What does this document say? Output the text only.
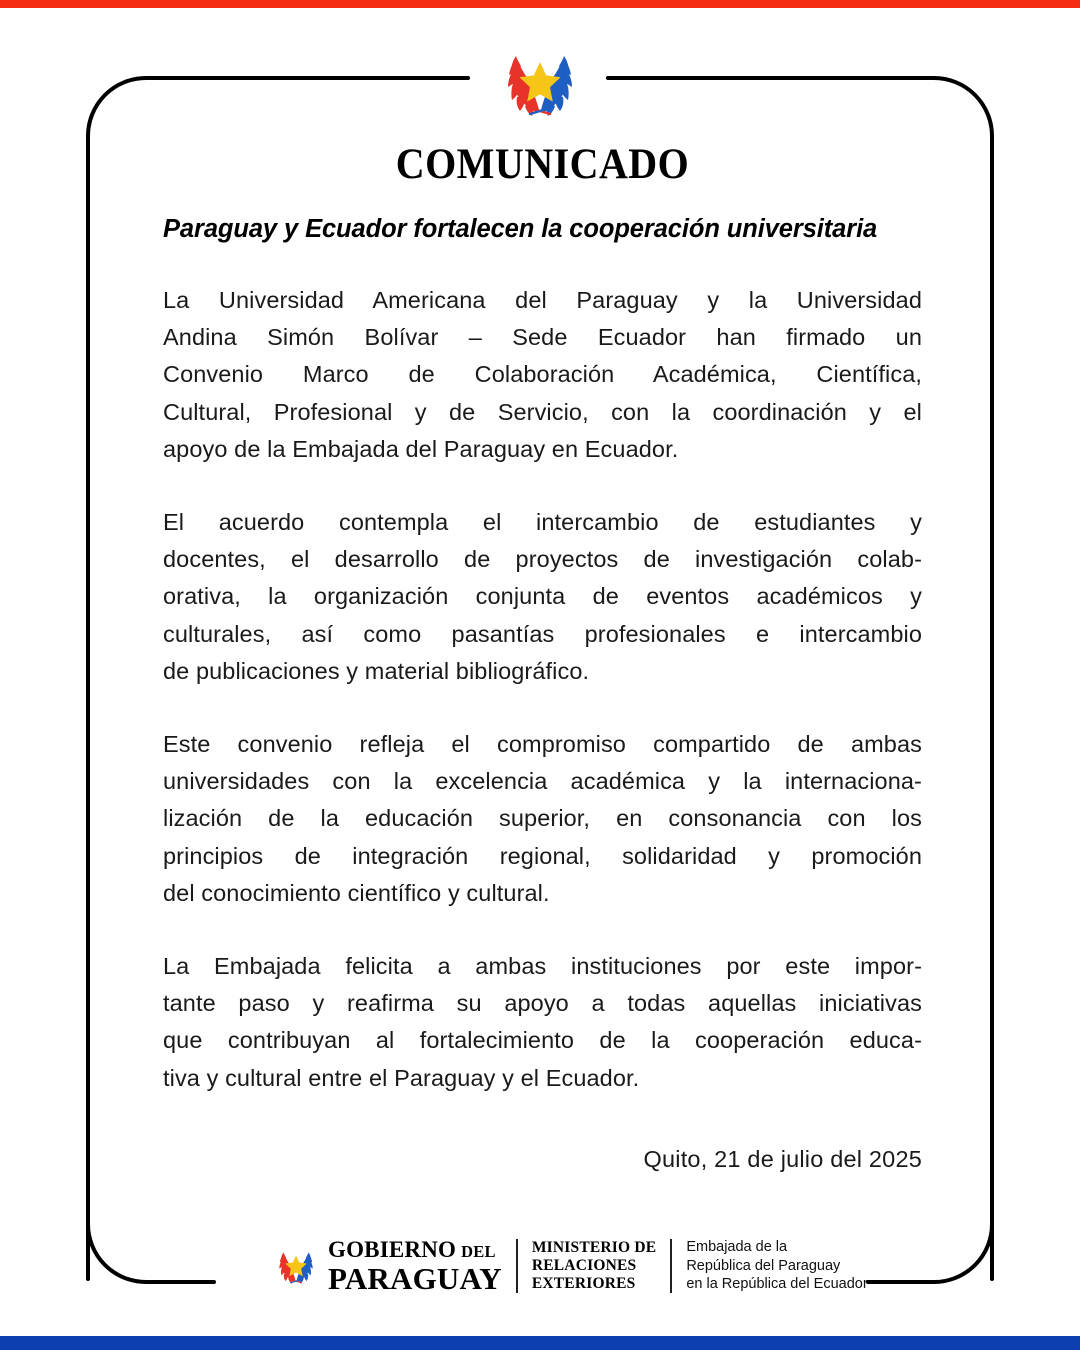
COMUNICADO
Paraguay y Ecuador fortalecen la cooperación universitaria

La Universidad Americana del Paraguay y la Universidad
Andina Simón Bolívar – Sede Ecuador han firmado un
Convenio Marco de Colaboración Académica, Científica,
Cultural, Profesional y de Servicio, con la coordinación y el
apoyo de la Embajada del Paraguay en Ecuador.

El acuerdo contempla el intercambio de estudiantes y
docentes, el desarrollo de proyectos de investigación colab-
orativa, la organización conjunta de eventos académicos y
culturales, así como pasantías profesionales e intercambio
de publicaciones y material bibliográfico.

Este convenio refleja el compromiso compartido de ambas
universidades con la excelencia académica y la internaciona-
lización de la educación superior, en consonancia con los
principios de integración regional, solidaridad y promoción
del conocimiento científico y cultural.

La Embajada felicita a ambas instituciones por este impor-
tante paso y reafirma su apoyo a todas aquellas iniciativas
que contribuyan al fortalecimiento de la cooperación educa-
tiva y cultural entre el Paraguay y el Ecuador.

Quito, 21 de julio del 2025
GOBIERNO DEL
PARAGUAY
MINISTERIO DE
RELACIONES
EXTERIORES
Embajada de la
República del Paraguay
en la República del Ecuador
